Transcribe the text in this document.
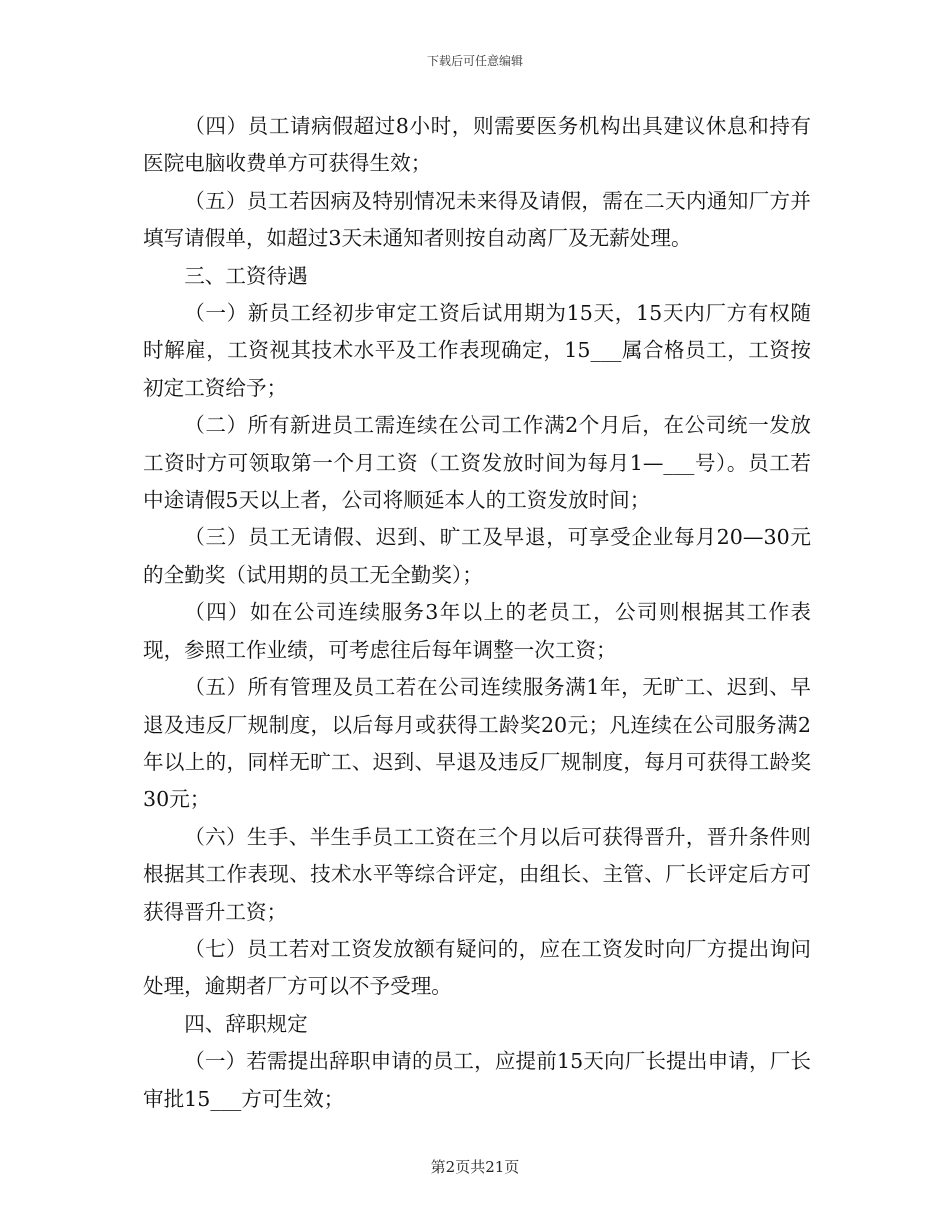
下载后可任意编辑

（四）员工请病假超过8小时，则需要医务机构出具建议休息和持有医院电脑收费单方可获得生效；

（五）员工若因病及特别情况未来得及请假，需在二天内通知厂方并填写请假单，如超过3天未通知者则按自动离厂及无薪处理。

三、工资待遇

（一）新员工经初步审定工资后试用期为15天，15天内厂方有权随时解雇，工资视其技术水平及工作表现确定，15___属合格员工，工资按初定工资给予；

（二）所有新进员工需连续在公司工作满2个月后，在公司统一发放工资时方可领取第一个月工资（工资发放时间为每月1—___号）。员工若中途请假5天以上者，公司将顺延本人的工资发放时间；

（三）员工无请假、迟到、旷工及早退，可享受企业每月20—30元的全勤奖（试用期的员工无全勤奖）；

（四）如在公司连续服务3年以上的老员工，公司则根据其工作表现，参照工作业绩，可考虑往后每年调整一次工资；

（五）所有管理及员工若在公司连续服务满1年，无旷工、迟到、早退及违反厂规制度，以后每月或获得工龄奖20元；凡连续在公司服务满2年以上的，同样无旷工、迟到、早退及违反厂规制度，每月可获得工龄奖30元；

（六）生手、半生手员工工资在三个月以后可获得晋升，晋升条件则根据其工作表现、技术水平等综合评定，由组长、主管、厂长评定后方可获得晋升工资；

（七）员工若对工资发放额有疑问的，应在工资发时向厂方提出询问处理，逾期者厂方可以不予受理。

四、辞职规定

（一）若需提出辞职申请的员工，应提前15天向厂长提出申请，厂长审批15___方可生效；

第2页共21页
